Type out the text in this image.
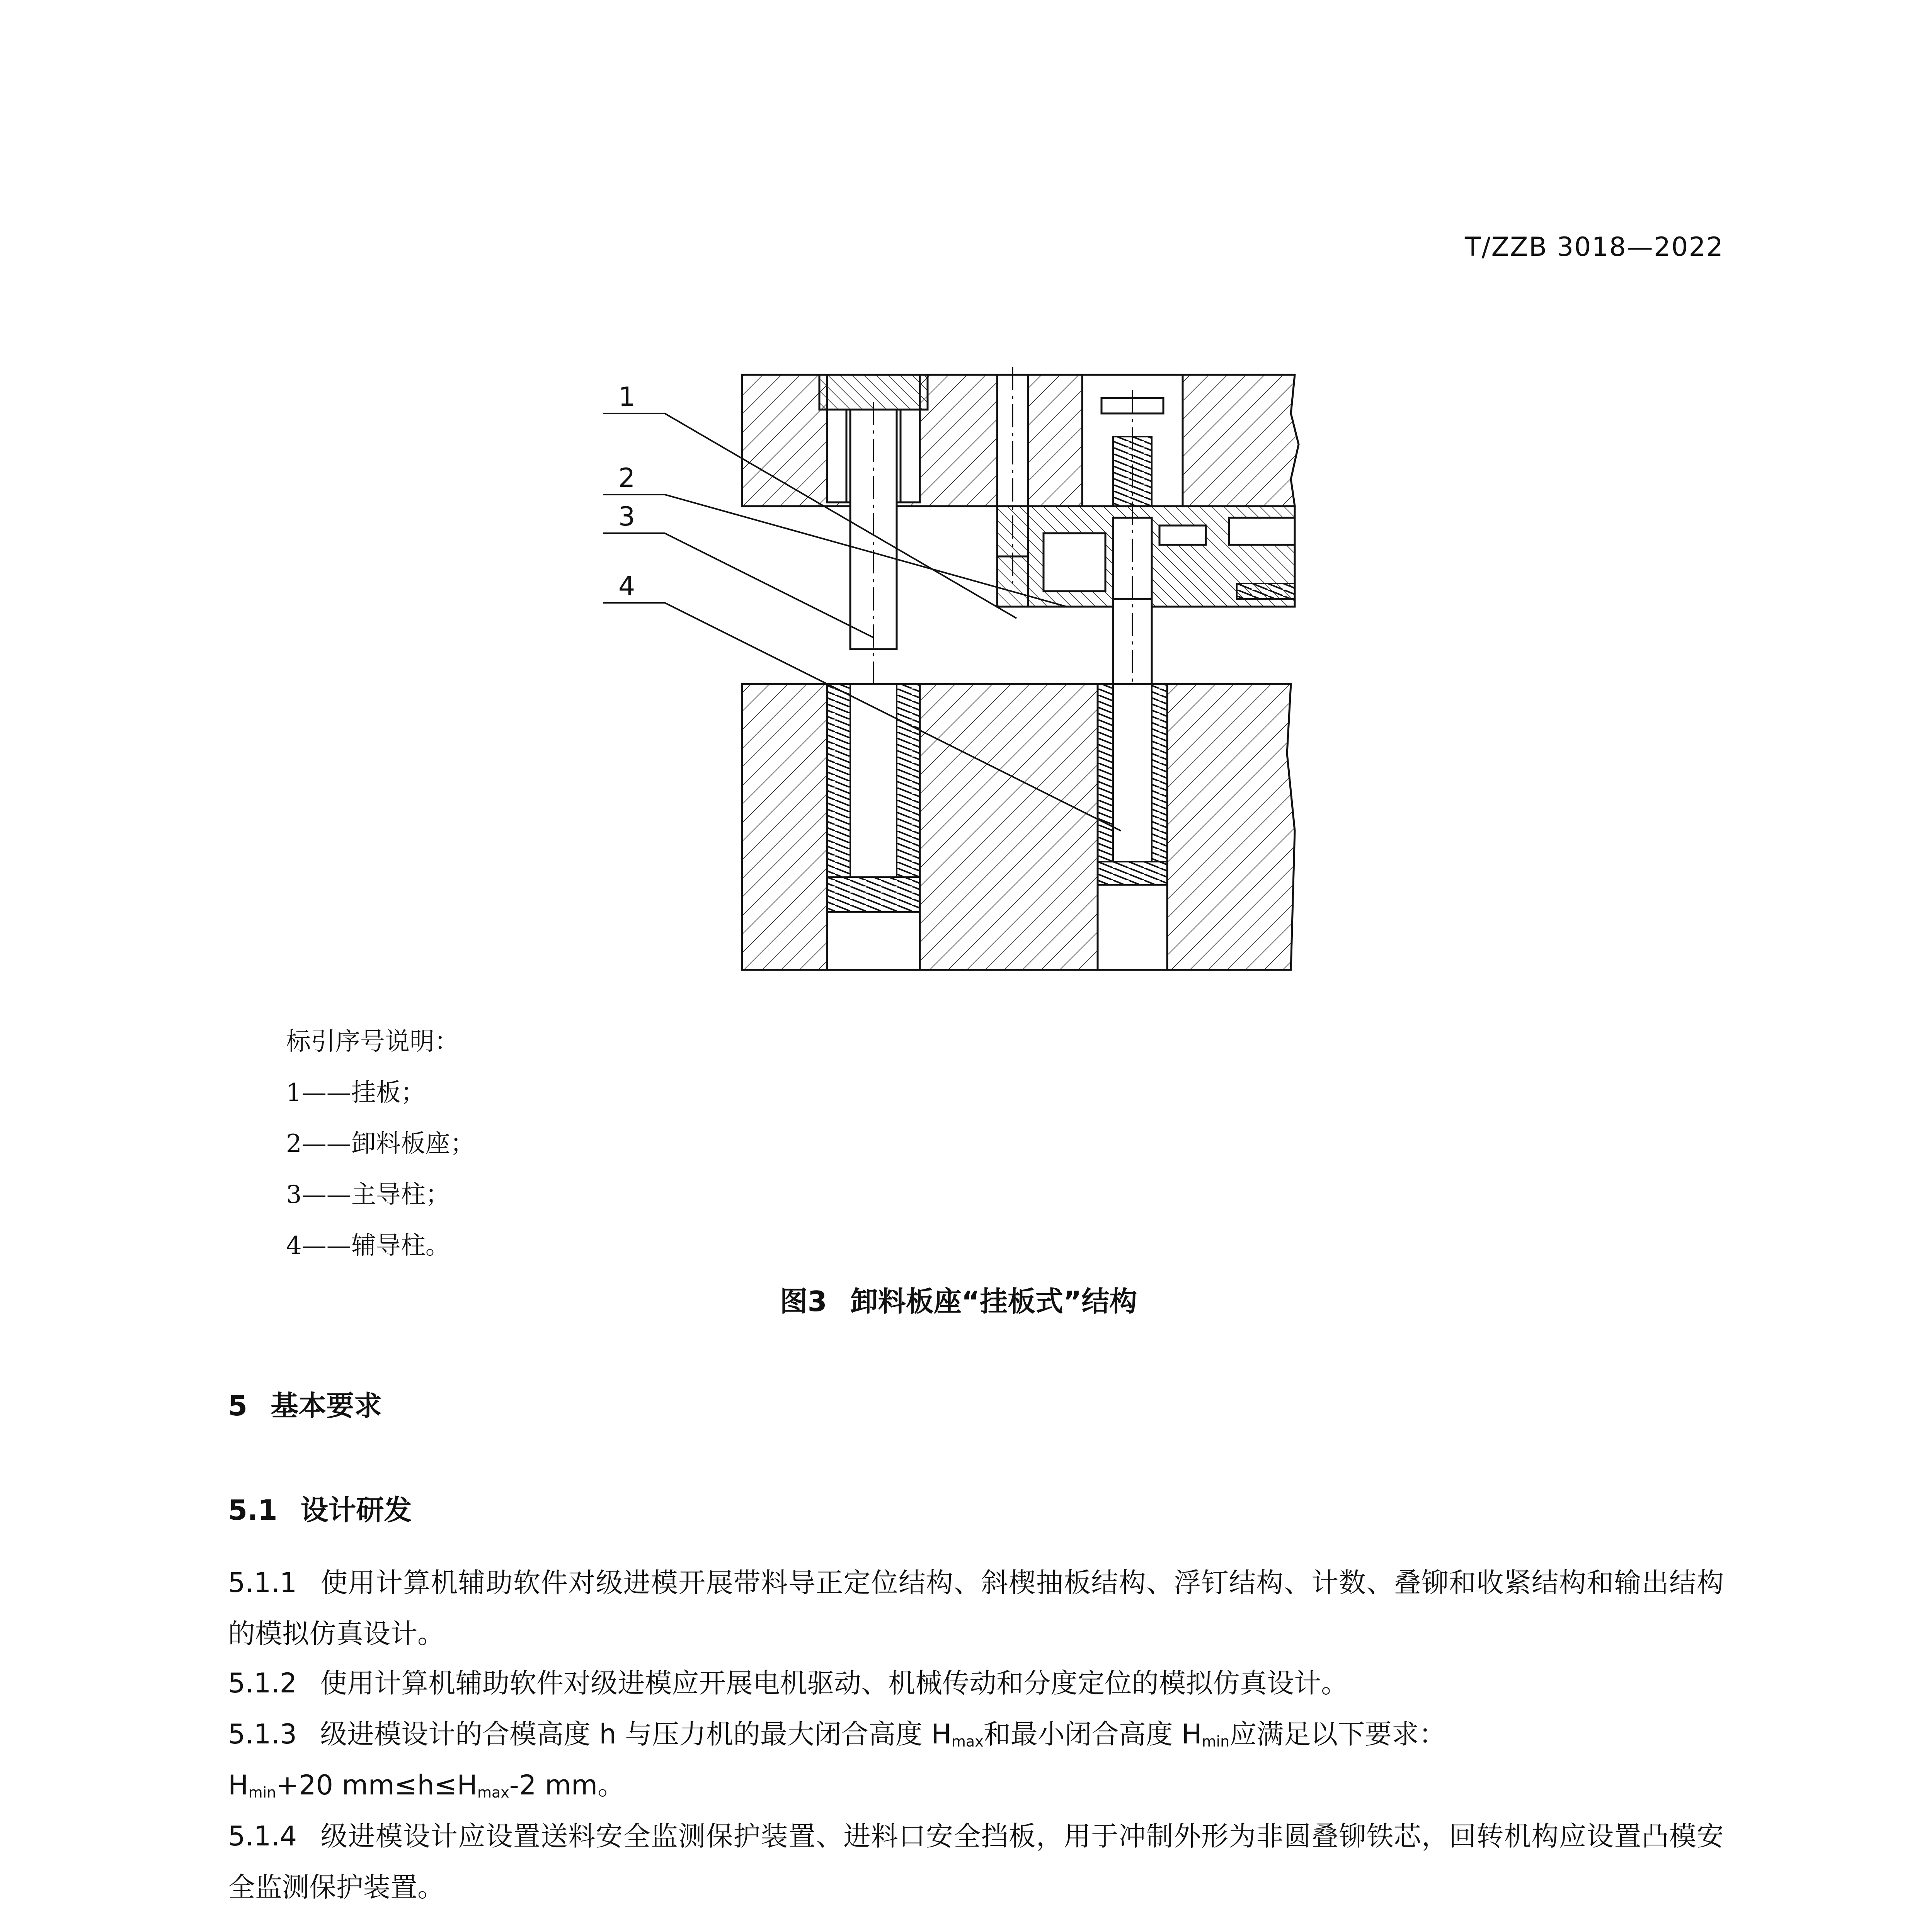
T/ZZB 3018—2022
1
2
3
4
标引序号说明：
1——挂板；
2——卸料板座；
3——主导柱；
4——辅导柱。
图3 卸料板座“挂板式”结构
5 基本要求
5.1 设计研发
5.1.1 使用计算机辅助软件对级进模开展带料导正定位结构、斜楔抽板结构、浮钉结构、计数、叠铆和收紧结构和输出结构的模拟仿真设计。
5.1.2 使用计算机辅助软件对级进模应开展电机驱动、机械传动和分度定位的模拟仿真设计。
5.1.3 级进模设计的合模高度 h 与压力机的最大闭合高度 $H_{max}$和最小闭合高度 $H_{min}$应满足以下要求：
$H_{min}+20$ $mm\le h\le H_{max}-2$ mm。
5.1.4 级进模设计应设置送料安全监测保护装置、进料口安全挡板，用于冲制外形为非圆叠铆铁芯，回转机构应设置凸模安全监测保护装置。
